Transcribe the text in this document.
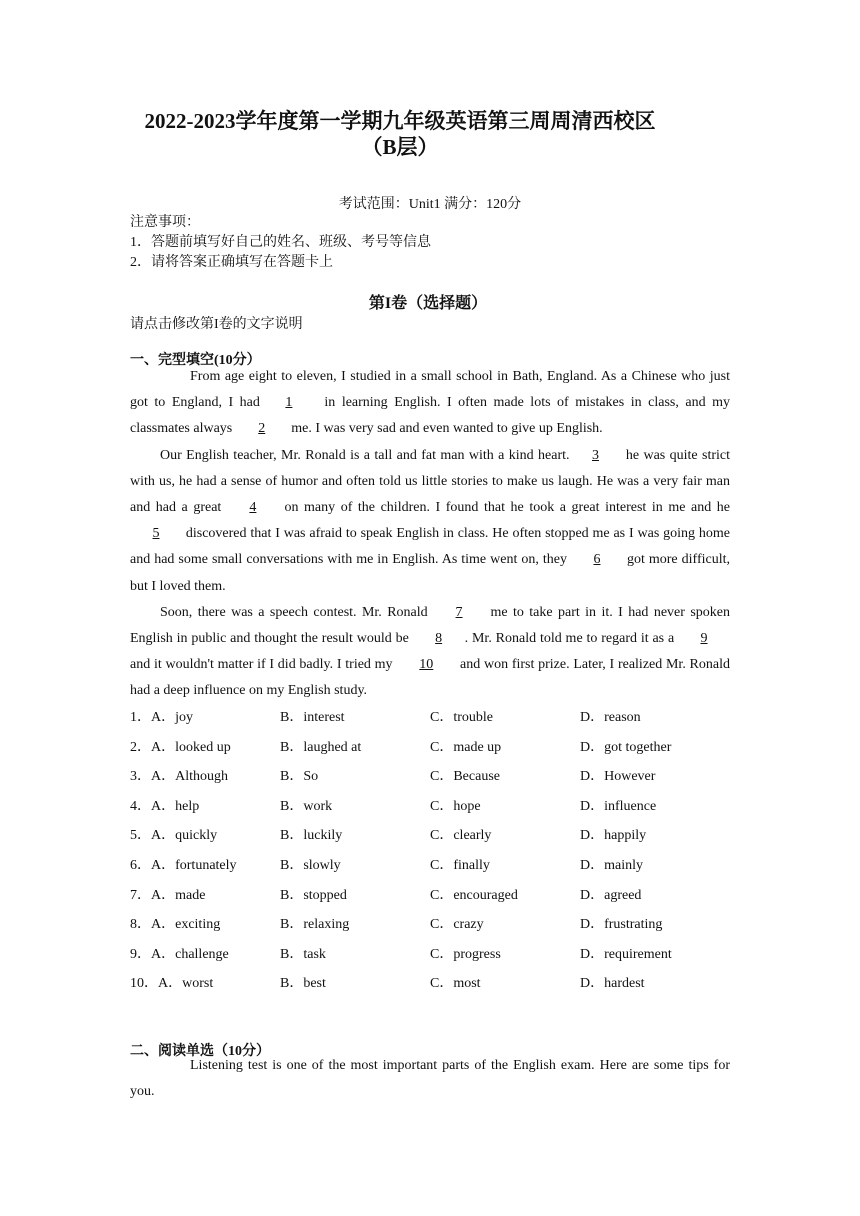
2022-2023学年度第一学期九年级英语第三周周清西校区
（B层）
考试范围：Unit1 满分：120分
注意事项：
1．答题前填写好自己的姓名、班级、考号等信息
2．请将答案正确填写在答题卡上
第I卷（选择题）
请点击修改第I卷的文字说明
一、完型填空(10分）

From age eight to eleven, I studied in a small school in Bath, England. As a Chinese who just got to England, I had 1 in learning English. I often made lots of mistakes in class, and my classmates always 2 me. I was very sad and even wanted to give up English.

Our English teacher, Mr. Ronald is a tall and fat man with a kind heart. 3 he was quite strict with us, he had a sense of humor and often told us little stories to make us laugh. He was a very fair man and had a great 4 on many of the children. I found that he took a great interest in me and he 5 discovered that I was afraid to speak English in class. He often stopped me as I was going home and had some small conversations with me in English. As time went on, they 6 got more difficult, but I loved them.

Soon, there was a speech contest. Mr. Ronald 7 me to take part in it. I had never spoken English in public and thought the result would be 8 . Mr. Ronald told me to regard it as a 9 and it wouldn't matter if I did badly. I tried my 10 and won first prize. Later, I realized Mr. Ronald had a deep influence on my English study.

1．A．joy	B．interest	C．trouble	D．reason
2．A．looked up	B．laughed at	C．made up	D．got together
3．A．Although	B．So	C．Because	D．However
4．A．help	B．work	C．hope	D．influence
5．A．quickly	B．luckily	C．clearly	D．happily
6．A．fortunately	B．slowly	C．finally	D．mainly
7．A．made	B．stopped	C．encouraged	D．agreed
8．A．exciting	B．relaxing	C．crazy	D．frustrating
9．A．challenge	B．task	C．progress	D．requirement
10．A．worst	B．best	C．most	D．hardest
二、阅读单选（10分）

Listening test is one of the most important parts of the English exam. Here are some tips for you.
